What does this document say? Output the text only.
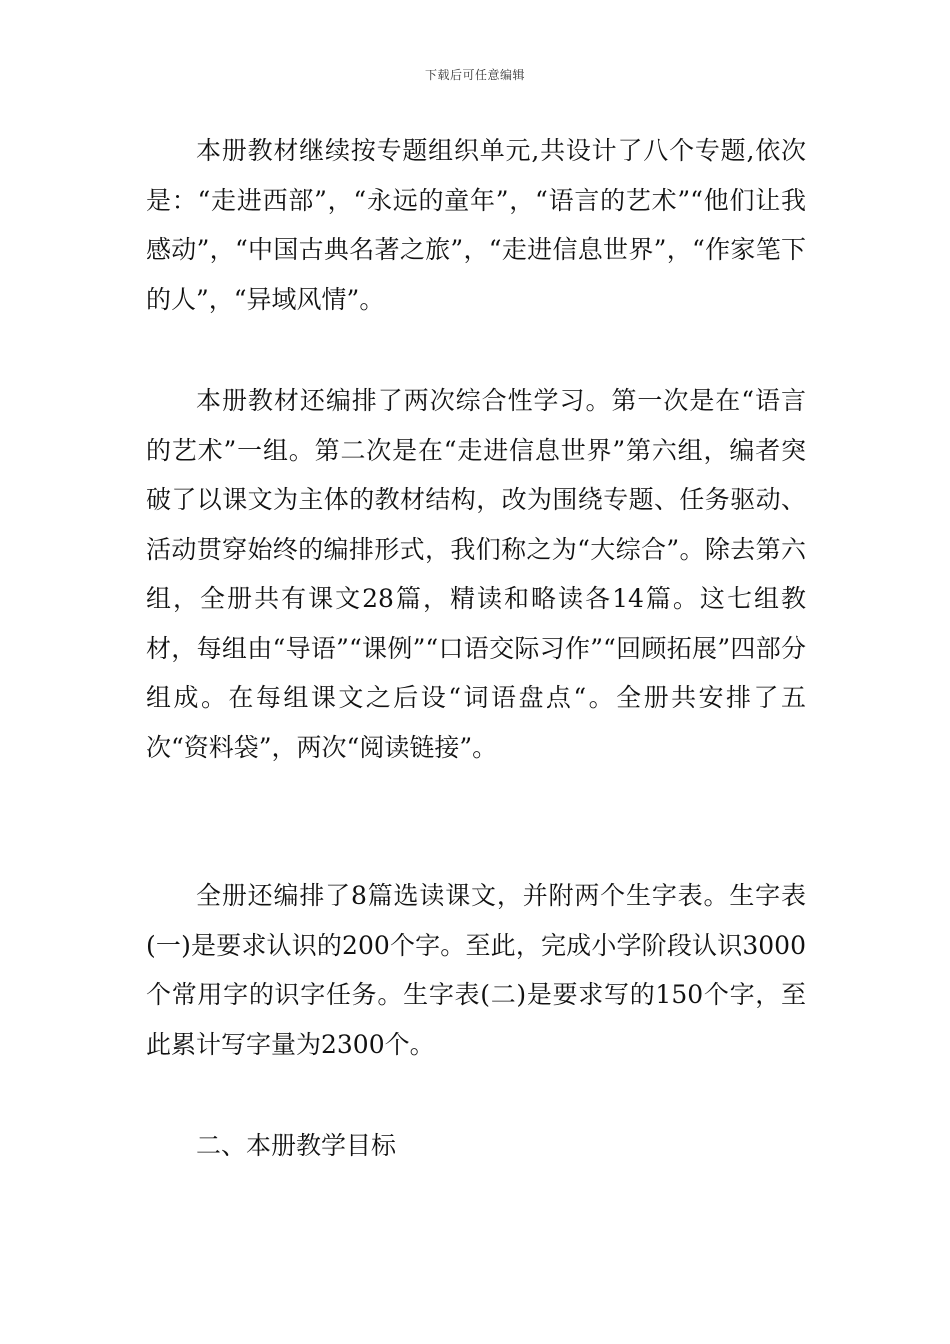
下载后可任意编辑

本册教材继续按专题组织单元,共设计了八个专题,依次是：“走进西部”，“永远的童年”，“语言的艺术”“他们让我感动”，“中国古典名著之旅”，“走进信息世界”，“作家笔下的人”，“异域风情”。

本册教材还编排了两次综合性学习。第一次是在“语言的艺术”一组。第二次是在“走进信息世界”第六组，编者突破了以课文为主体的教材结构，改为围绕专题、任务驱动、活动贯穿始终的编排形式，我们称之为“大综合”。除去第六组，全册共有课文28篇，精读和略读各14篇。这七组教材，每组由“导语”“课例”“口语交际习作”“回顾拓展”四部分组成。在每组课文之后设“词语盘点“。全册共安排了五次“资料袋”，两次“阅读链接”。

全册还编排了8篇选读课文，并附两个生字表。生字表(一)是要求认识的200个字。至此，完成小学阶段认识3000个常用字的识字任务。生字表(二)是要求写的150个字，至此累计写字量为2300个。

二、本册教学目标
